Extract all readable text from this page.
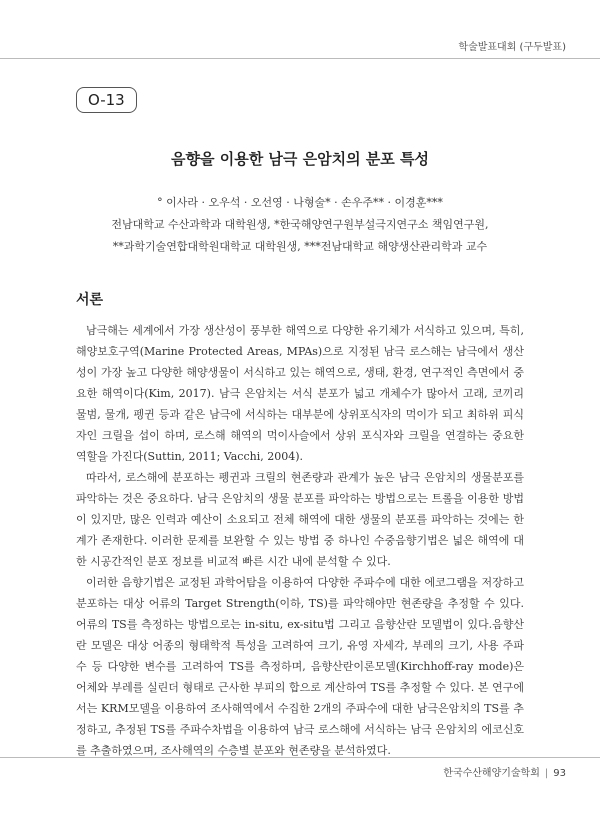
학술발표대회 (구두발표)
O-13
음향을 이용한 남극 은암치의 분포 특성
° 이사라 · 오우석 · 오선영 · 나형술* · 손우주** · 이경훈***
전남대학교 수산과학과 대학원생, *한국해양연구원부설극지연구소 책임연구원,
**과학기술연합대학원대학교 대학원생, ***전남대학교 해양생산관리학과 교수
서론

남극해는 세계에서 가장 생산성이 풍부한 해역으로 다양한 유기체가 서식하고 있으며, 특히, 해양보호구역(Marine Protected Areas, MPAs)으로 지정된 남극 로스해는 남극에서 생산성이 가장 높고 다양한 해양생물이 서식하고 있는 해역으로, 생태, 환경, 연구적인 측면에서 중요한 해역이다(Kim, 2017). 남극 은암치는 서식 분포가 넓고 개체수가 많아서 고래, 코끼리 물범, 물개, 펭귄 등과 같은 남극에 서식하는 대부분에 상위포식자의 먹이가 되고 최하위 피식자인 크릴을 섭이 하며, 로스해 해역의 먹이사슬에서 상위 포식자와 크릴을 연결하는 중요한 역할을 가진다(Suttin, 2011; Vacchi, 2004).

따라서, 로스해에 분포하는 펭귄과 크릴의 현존량과 관계가 높은 남극 은암치의 생물분포를 파악하는 것은 중요하다. 남극 은암치의 생물 분포를 파악하는 방법으로는 트롤을 이용한 방법이 있지만, 많은 인력과 예산이 소요되고 전체 해역에 대한 생물의 분포를 파악하는 것에는 한계가 존재한다. 이러한 문제를 보완할 수 있는 방법 중 하나인 수중음향기법은 넓은 해역에 대한 시공간적인 분포 정보를 비교적 빠른 시간 내에 분석할 수 있다.

이러한 음향기법은 교정된 과학어탐을 이용하여 다양한 주파수에 대한 에코그램을 저장하고 분포하는 대상 어류의 Target Strength(이하, TS)를 파악해야만 현존량을 추정할 수 있다. 어류의 TS를 측정하는 방법으로는 in-situ, ex-situ법 그리고 음향산란 모델법이 있다.음향산란 모델은 대상 어종의 형태학적 특성을 고려하여 크기, 유영 자세각, 부레의 크기, 사용 주파수 등 다양한 변수를 고려하여 TS를 측정하며, 음향산란이론모델(Kirchhoff-ray mode)은 어체와 부레를 실린더 형태로 근사한 부피의 합으로 계산하여 TS를 추정할 수 있다. 본 연구에서는 KRM모델을 이용하여 조사해역에서 수집한 2개의 주파수에 대한 남극은암치의 TS를 추정하고, 추정된 TS를 주파수차법을 이용하여 남극 로스해에 서식하는 남극 은암치의 에코신호를 추출하였으며, 조사해역의 수층별 분포와 현존량을 분석하였다.

한국수산해양기술학회 | 93
